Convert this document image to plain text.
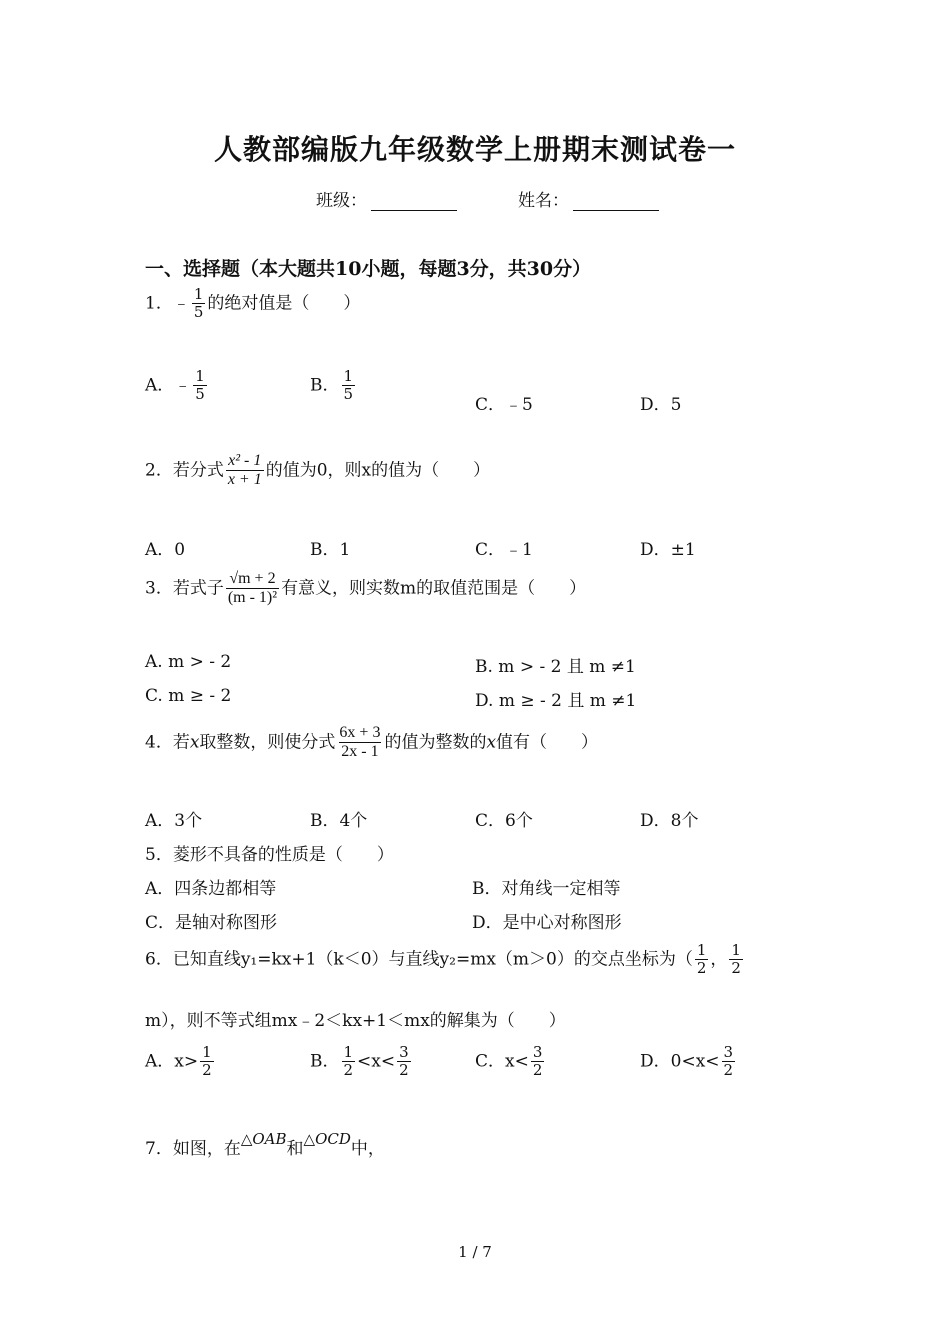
人教部编版九年级数学上册期末测试卷一
班级：	姓名：
一、选择题（本大题共10小题，每题3分，共30分）
1．﹣ $\frac{1}{5}$ 的绝对值是（　　）
A．﹣ $\frac{1}{5}$	B． $\frac{1}{5}$
C．﹣5	D．5
2．若分式 $\frac{\text{x² - 1}}{x + 1}$ 的值为0，则x的值为（　　）
A．0	B．1	C．﹣1	D．±1
3．若式子 $\frac{√m + 2}{\text{(m - 1)²}}$ 有意义，则实数m的取值范围是（　　）
A. m > - 2	B. m > - 2 且 m ≠1
C. m ≥ - 2	D. m ≥ - 2 且 m ≠1
4．若x取整数，则使分式 $\frac{6x + 3}{2x - 1}$ 的值为整数的x值有（　　）
A．3个	B．4个	C．6个	D．8个
5．菱形不具备的性质是（　　）
A．四条边都相等	B．对角线一定相等
C．是轴对称图形	D．是中心对称图形
6．已知直线y₁=kx+1（k＜0）与直线y₂=mx（m＞0）的交点坐标为（ $\frac{1}{2}$ ， $\frac{1}{2}$
m），则不等式组mx﹣2＜kx+1＜mx的解集为（　　）
A．$x> \frac{1}{2}$	B． $\frac{1}{2} <x< \frac{3}{2}$	C．$x< \frac{3}{2}$	D．$0<x< \frac{3}{2}$
7．如图，在△OAB和△OCD中，
1 / 7
